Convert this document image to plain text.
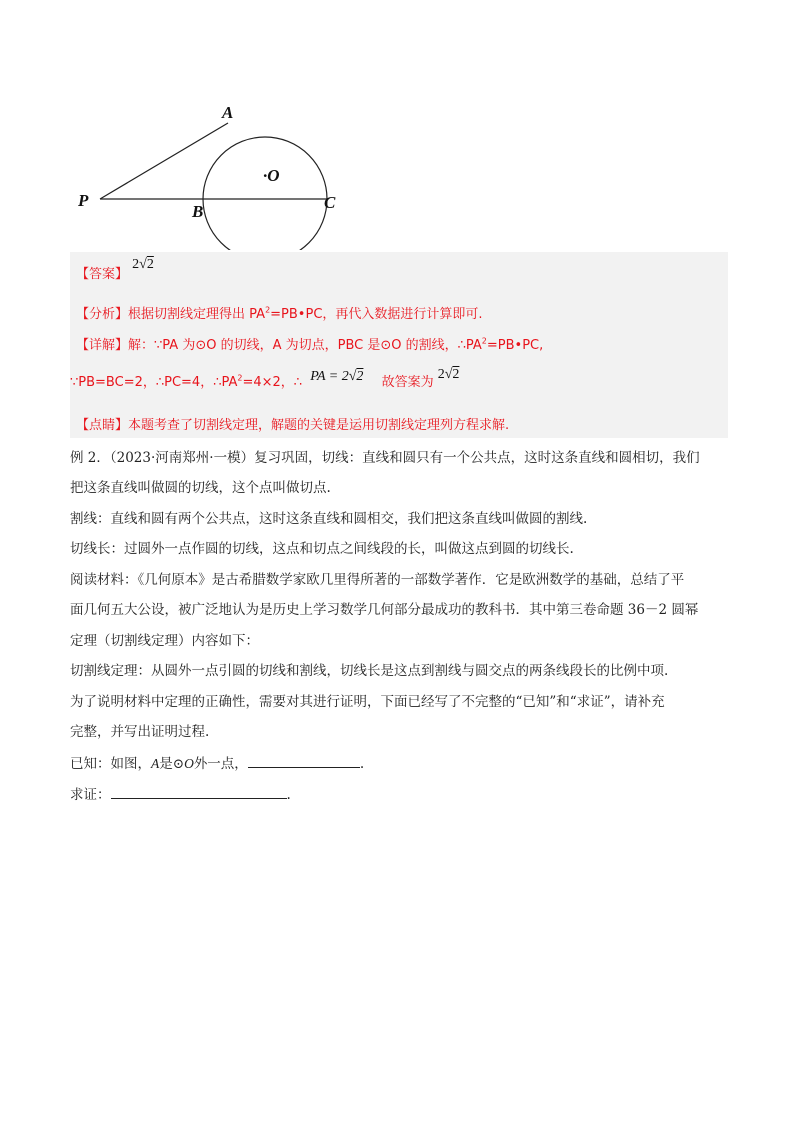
A
·O
P
B	C
【答案】 2√2
【分析】根据切割线定理得出 $PA^2=PB•PC$，再代入数据进行计算即可.
【详解】解：∵PA 为⊙O 的切线，A 为切点，PBC 是⊙O 的割线，$\therefore PA^2=PB•PC$,
∵PB=BC=2，∴PC=4，$\therefore PA^2=4\times 2$，∴ PA = 2√2 故答案为 2√2
【点睛】本题考查了切割线定理，解题的关键是运用切割线定理列方程求解.
例 2．（2023·河南郑州·一模）复习巩固，切线：直线和圆只有一个公共点，这时这条直线和圆相切，我们
把这条直线叫做圆的切线，这个点叫做切点.
割线：直线和圆有两个公共点，这时这条直线和圆相交，我们把这条直线叫做圆的割线.
切线长：过圆外一点作圆的切线，这点和切点之间线段的长，叫做这点到圆的切线长.
阅读材料：《几何原本》是古希腊数学家欧几里得所著的一部数学著作．它是欧洲数学的基础，总结了平
面几何五大公设，被广泛地认为是历史上学习数学几何部分最成功的教科书．其中第三卷命题 36－2 圆幂
定理（切割线定理）内容如下：
切割线定理：从圆外一点引圆的切线和割线，切线长是这点到割线与圆交点的两条线段长的比例中项.
为了说明材料中定理的正确性，需要对其进行证明，下面已经写了不完整的“已知”和“求证”，请补充
完整，并写出证明过程.
已知：如图，A是⊙O外一点，	.
求证：	.
